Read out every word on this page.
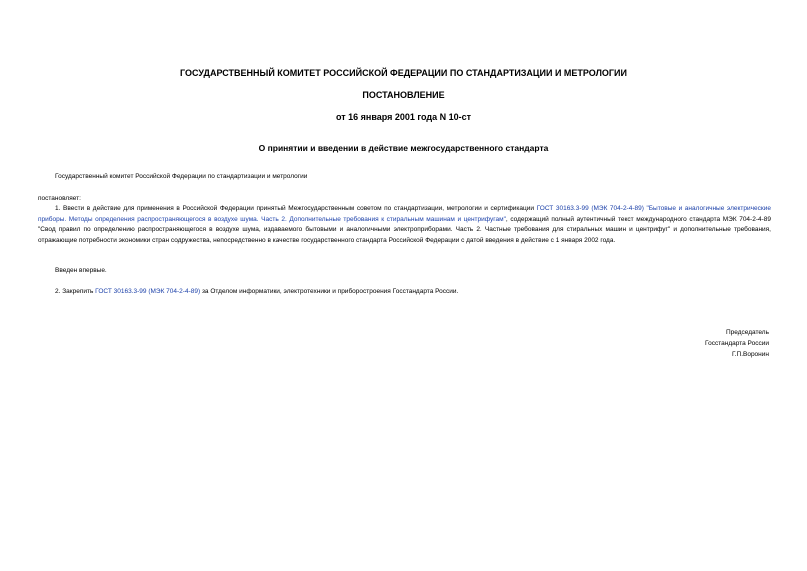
ГОСУДАРСТВЕННЫЙ КОМИТЕТ РОССИЙСКОЙ ФЕДЕРАЦИИ ПО СТАНДАРТИЗАЦИИ И МЕТРОЛОГИИ
ПОСТАНОВЛЕНИЕ
от 16 января 2001 года N 10-ст
О принятии и введении в действие межгосударственного стандарта
Государственный комитет Российской Федерации по стандартизации и метрологии
постановляет:
1. Ввести в действие для применения в Российской Федерации принятый Межгосударственным советом по стандартизации, метрологии и сертификации ГОСТ 30163.3-99 (МЭК 704-2-4-89) "Бытовые и аналогичные электрические приборы. Методы определения распространяющегося в воздухе шума. Часть 2. Дополнительные требования к стиральным машинам и центрифугам", содержащий полный аутентичный текст международного стандарта МЭК 704-2-4-89 "Свод правил по определению распространяющегося в воздухе шума, издаваемого бытовыми и аналогичными электроприборами. Часть 2. Частные требования для стиральных машин и центрифуг" и дополнительные требования, отражающие потребности экономики стран содружества, непосредственно в качестве государственного стандарта Российской Федерации с датой введения в действие с 1 января 2002 года.
Введен впервые.
2. Закрепить ГОСТ 30163.3-99 (МЭК 704-2-4-89) за Отделом информатики, электротехники и приборостроения Госстандарта России.
Председатель
Госстандарта России
Г.П.Воронин
